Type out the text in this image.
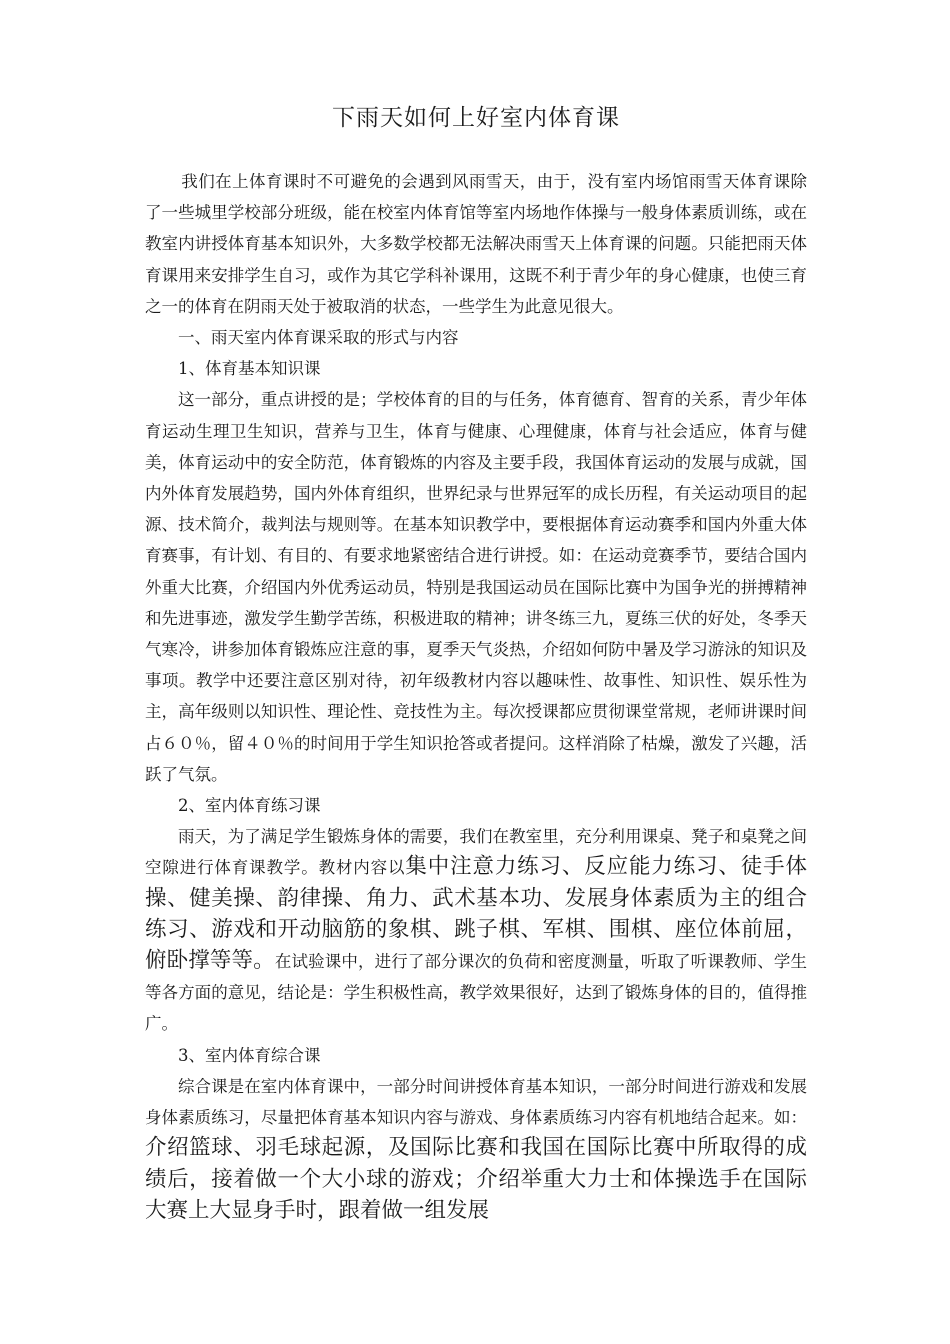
下雨天如何上好室内体育课

我们在上体育课时不可避免的会遇到风雨雪天，由于，没有室内场馆雨雪天体育课除了一些城里学校部分班级，能在校室内体育馆等室内场地作体操与一般身体素质训练，或在教室内讲授体育基本知识外，大多数学校都无法解决雨雪天上体育课的问题。只能把雨天体育课用来安排学生自习，或作为其它学科补课用，这既不利于青少年的身心健康，也使三育之一的体育在阴雨天处于被取消的状态，一些学生为此意见很大。

一、雨天室内体育课采取的形式与内容
1、体育基本知识课

这一部分，重点讲授的是；学校体育的目的与任务，体育德育、智育的关系，青少年体育运动生理卫生知识，营养与卫生，体育与健康、心理健康，体育与社会适应，体育与健美，体育运动中的安全防范，体育锻炼的内容及主要手段，我国体育运动的发展与成就，国内外体育发展趋势，国内外体育组织，世界纪录与世界冠军的成长历程，有关运动项目的起源、技术简介，裁判法与规则等。在基本知识教学中，要根据体育运动赛季和国内外重大体育赛事，有计划、有目的、有要求地紧密结合进行讲授。如：在运动竞赛季节，要结合国内外重大比赛，介绍国内外优秀运动员，特别是我国运动员在国际比赛中为国争光的拼搏精神和先进事迹，激发学生勤学苦练，积极进取的精神；讲冬练三九，夏练三伏的好处，冬季天气寒冷，讲参加体育锻炼应注意的事，夏季天气炎热，介绍如何防中暑及学习游泳的知识及事项。教学中还要注意区别对待，初年级教材内容以趣味性、故事性、知识性、娱乐性为主，高年级则以知识性、理论性、竞技性为主。每次授课都应贯彻课堂常规，老师讲课时间占６０％，留４０％的时间用于学生知识抢答或者提问。这样消除了枯燥，激发了兴趣，活跃了气氛。

2、室内体育练习课

雨天，为了满足学生锻炼身体的需要，我们在教室里，充分利用课桌、凳子和桌凳之间空隙进行体育课教学。教材内容以集中注意力练习、反应能力练习、徒手体操、健美操、韵律操、角力、武术基本功、发展身体素质为主的组合练习、游戏和开动脑筋的象棋、跳子棋、军棋、围棋、座位体前屈，俯卧撑等等。在试验课中，进行了部分课次的负荷和密度测量，听取了听课教师、学生等各方面的意见，结论是：学生积极性高，教学效果很好，达到了锻炼身体的目的，值得推广。

3、室内体育综合课

综合课是在室内体育课中，一部分时间讲授体育基本知识，一部分时间进行游戏和发展身体素质练习，尽量把体育基本知识内容与游戏、身体素质练习内容有机地结合起来。如：介绍篮球、羽毛球起源，及国际比赛和我国在国际比赛中所取得的成绩后，接着做一个大小球的游戏；介绍举重大力士和体操选手在国际大赛上大显身手时，跟着做一组发展
